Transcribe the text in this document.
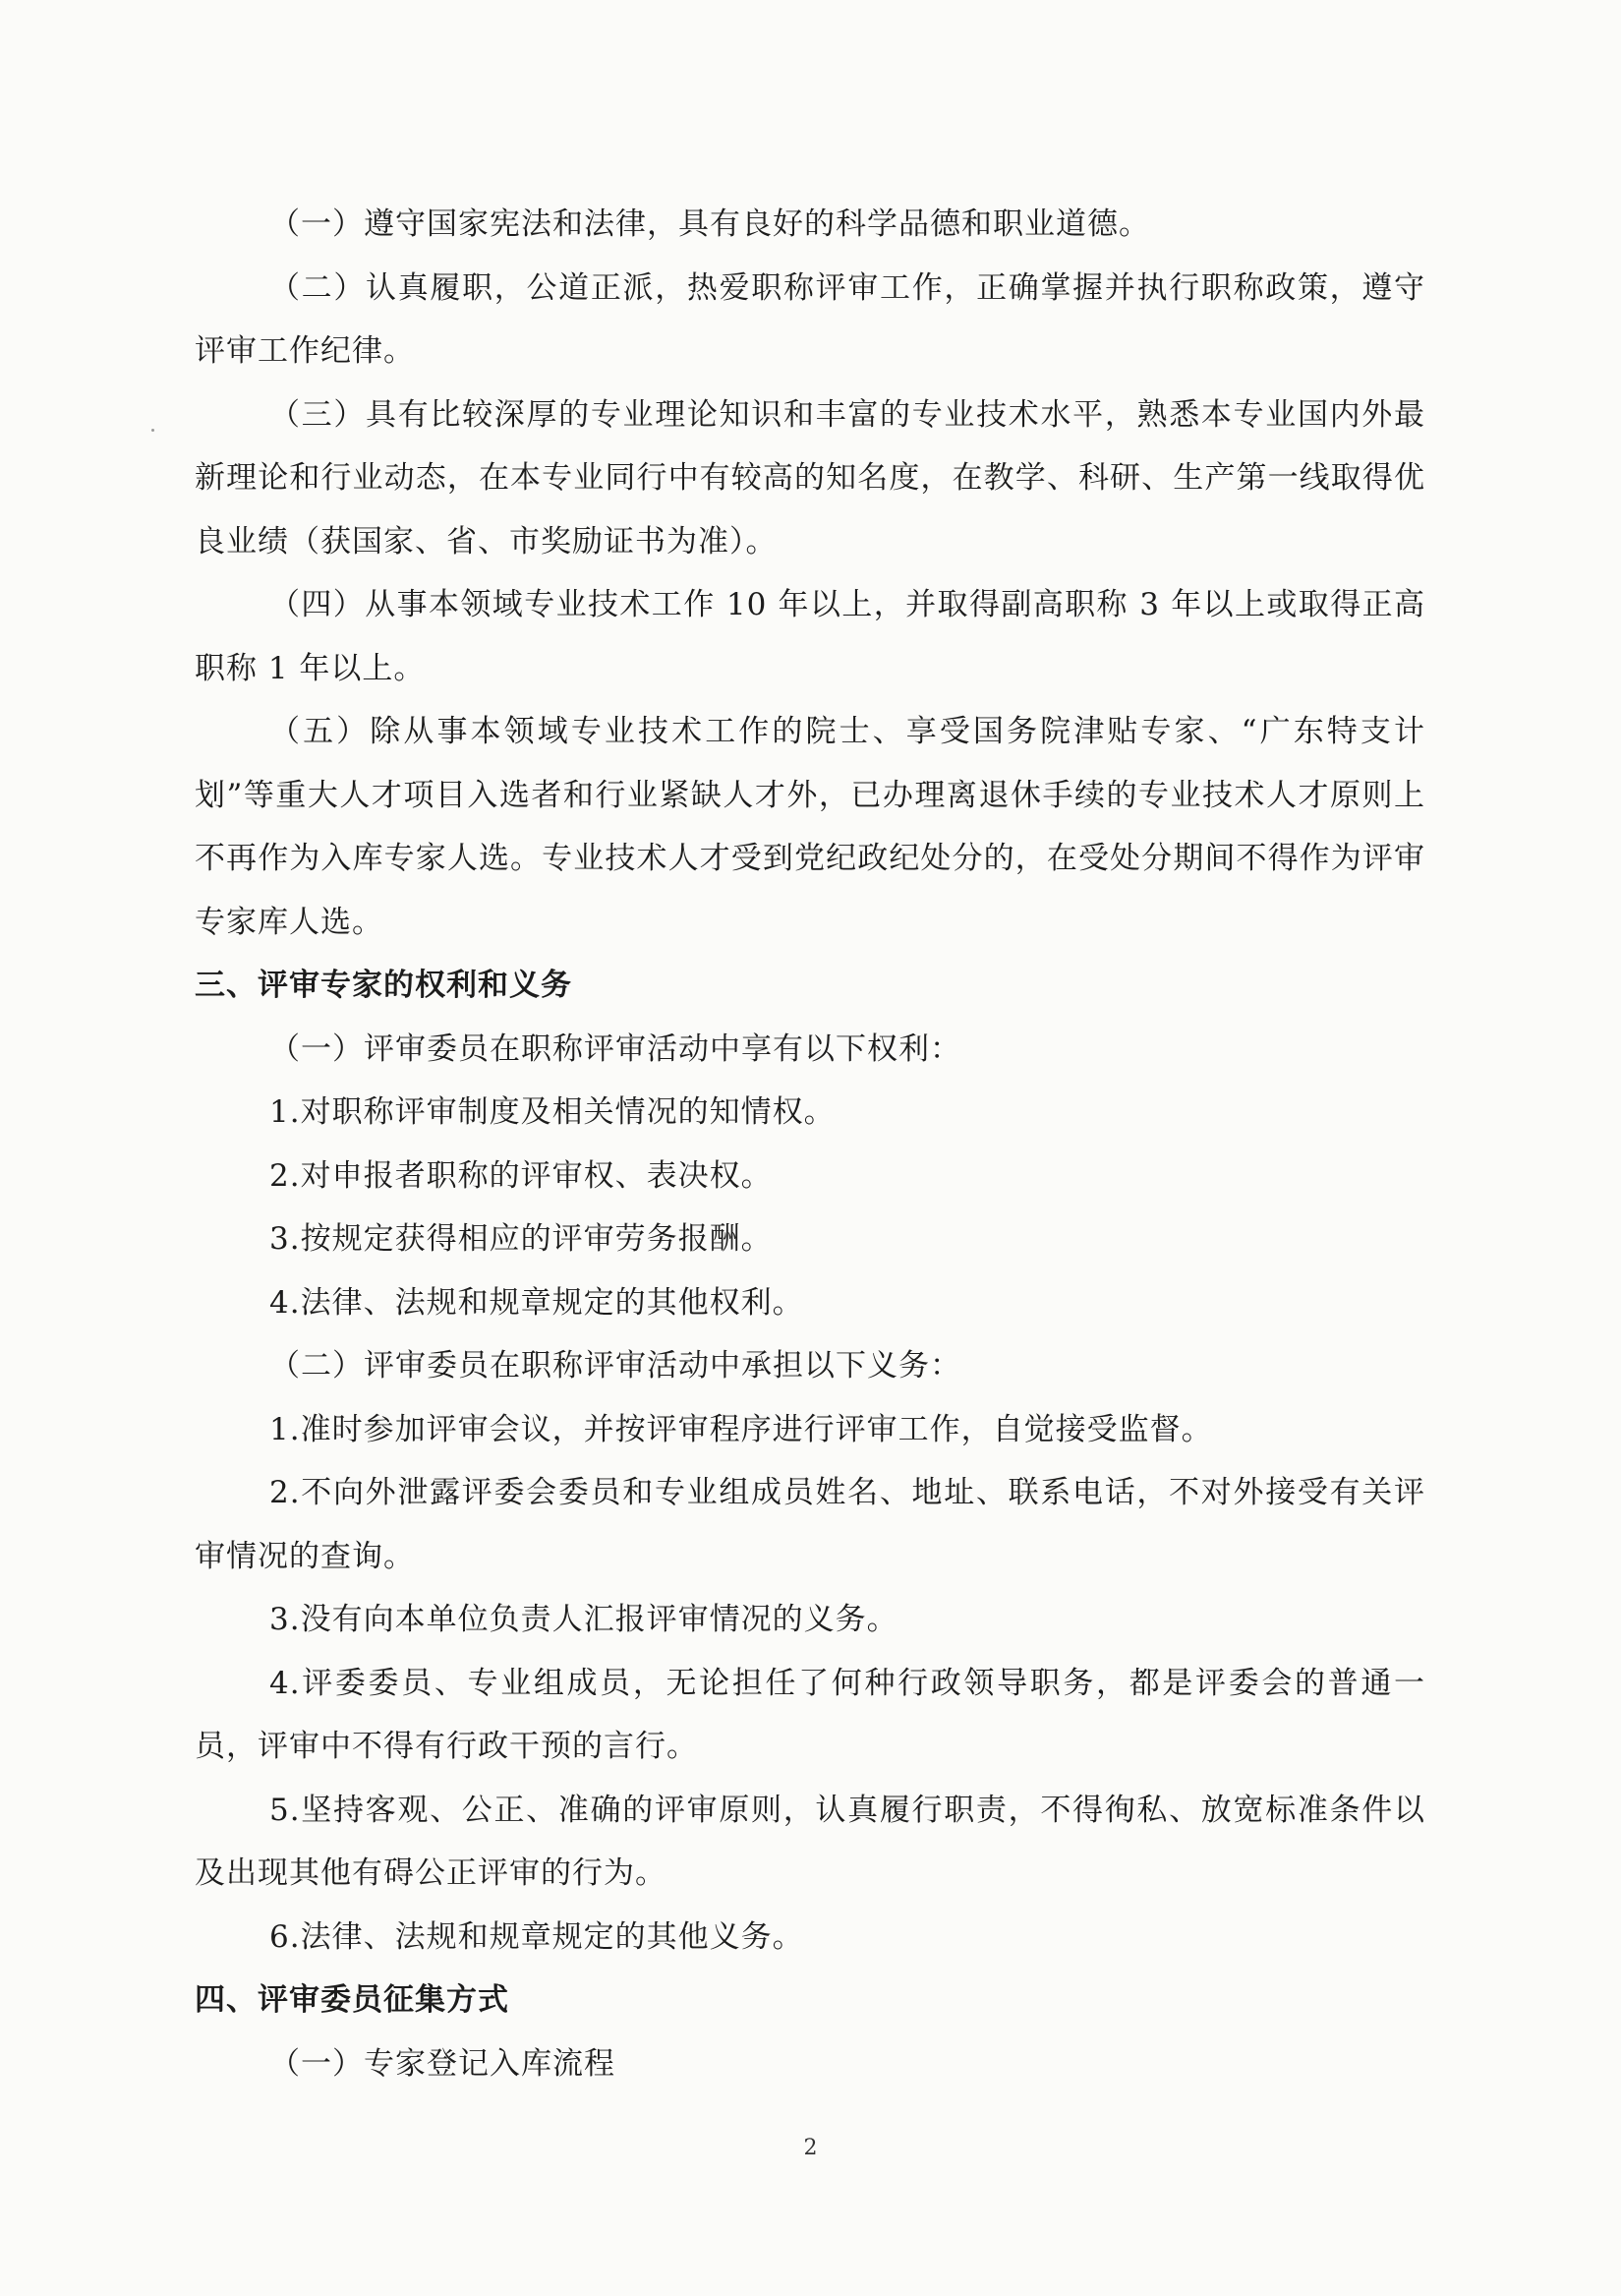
（一）遵守国家宪法和法律，具有良好的科学品德和职业道德。

（二）认真履职，公道正派，热爱职称评审工作，正确掌握并执行职称政策，遵守评审工作纪律。

（三）具有比较深厚的专业理论知识和丰富的专业技术水平，熟悉本专业国内外最新理论和行业动态，在本专业同行中有较高的知名度，在教学、科研、生产第一线取得优良业绩（获国家、省、市奖励证书为准）。

（四）从事本领域专业技术工作 10 年以上，并取得副高职称 3 年以上或取得正高职称 1 年以上。

（五）除从事本领域专业技术工作的院士、享受国务院津贴专家、“广东特支计划”等重大人才项目入选者和行业紧缺人才外，已办理离退休手续的专业技术人才原则上不再作为入库专家人选。专业技术人才受到党纪政纪处分的，在受处分期间不得作为评审专家库人选。

三、评审专家的权利和义务

（一）评审委员在职称评审活动中享有以下权利：

1.对职称评审制度及相关情况的知情权。

2.对申报者职称的评审权、表决权。

3.按规定获得相应的评审劳务报酬。

4.法律、法规和规章规定的其他权利。

（二）评审委员在职称评审活动中承担以下义务：

1.准时参加评审会议，并按评审程序进行评审工作，自觉接受监督。

2.不向外泄露评委会委员和专业组成员姓名、地址、联系电话，不对外接受有关评审情况的查询。

3.没有向本单位负责人汇报评审情况的义务。

4.评委委员、专业组成员，无论担任了何种行政领导职务，都是评委会的普通一员，评审中不得有行政干预的言行。

5.坚持客观、公正、准确的评审原则，认真履行职责，不得徇私、放宽标准条件以及出现其他有碍公正评审的行为。

6.法律、法规和规章规定的其他义务。

四、评审委员征集方式

（一）专家登记入库流程

2
